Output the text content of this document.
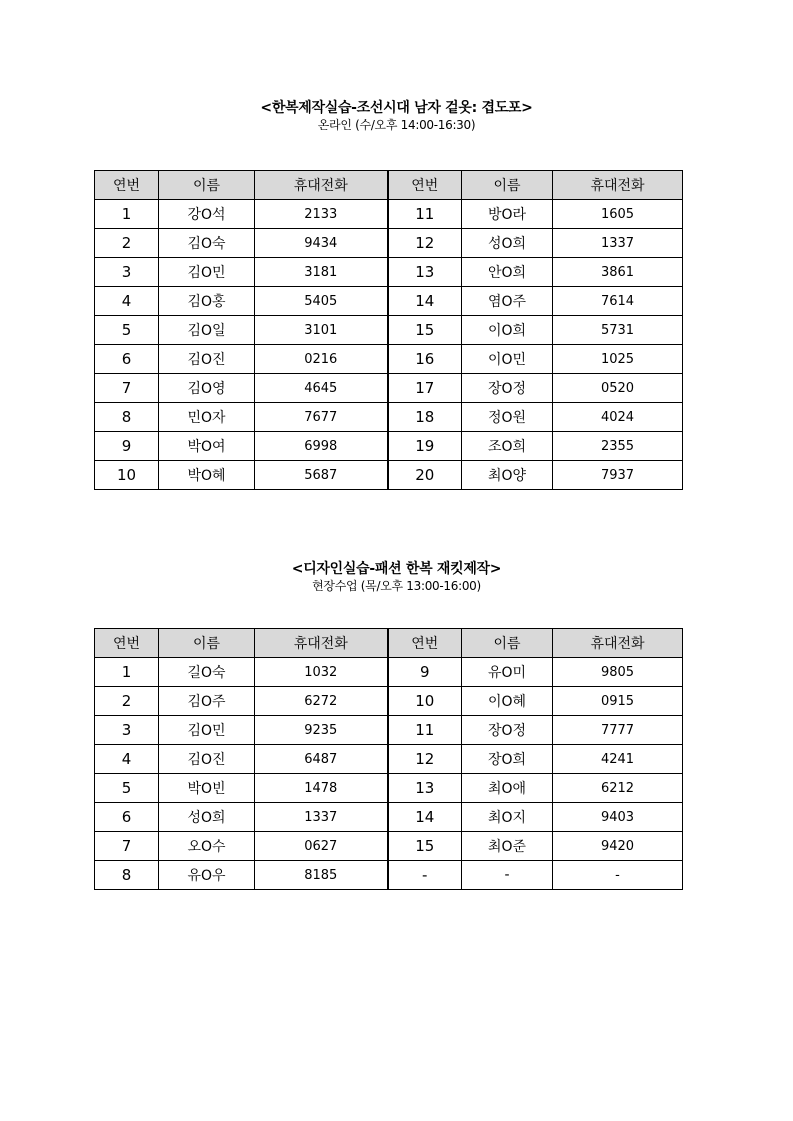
<한복제작실습-조선시대 남자 겉옷: 겹도포>
온라인 (수/오후 14:00-16:30)
연번	이름	휴대전화	연번	이름	휴대전화
1	강O석	2133	11	방O라	1605
2	김O숙	9434	12	성O희	1337
3	김O민	3181	13	안O희	3861
4	김O홍	5405	14	염O주	7614
5	김O일	3101	15	이O희	5731
6	김O진	0216	16	이O민	1025
7	김O영	4645	17	장O정	0520
8	민O자	7677	18	정O원	4024
9	박O여	6998	19	조O희	2355
10	박O혜	5687	20	최O양	7937
<디자인실습-패션 한복 재킷제작>
현장수업 (목/오후 13:00-16:00)
연번	이름	휴대전화	연번	이름	휴대전화
1	길O숙	1032	9	유O미	9805
2	김O주	6272	10	이O혜	0915
3	김O민	9235	11	장O정	7777
4	김O진	6487	12	장O희	4241
5	박O빈	1478	13	최O애	6212
6	성O희	1337	14	최O지	9403
7	오O수	0627	15	최O준	9420
8	유O우	8185	-	-	-
